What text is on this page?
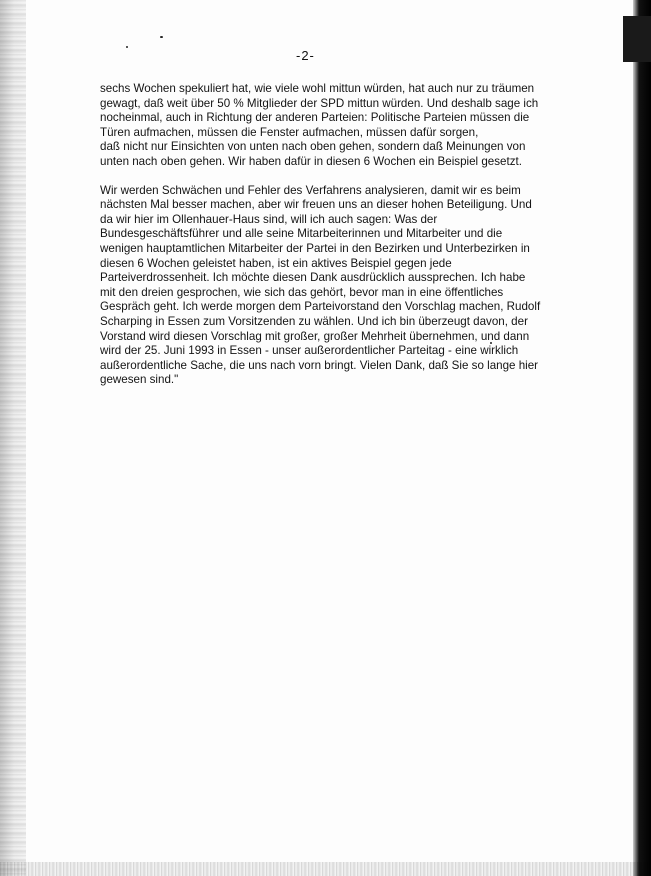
-2-
sechs Wochen spekuliert hat, wie viele wohl mittun würden, hat auch nur zu träumen
gewagt, daß weit über 50 % Mitglieder der SPD mittun würden. Und deshalb sage ich
nocheinmal, auch in Richtung der anderen Parteien: Politische Parteien müssen die
Türen aufmachen, müssen die Fenster aufmachen, müssen dafür sorgen,
daß nicht nur Einsichten von unten nach oben gehen, sondern daß Meinungen von
unten nach oben gehen. Wir haben dafür in diesen 6 Wochen ein Beispiel gesetzt.
Wir werden Schwächen und Fehler des Verfahrens analysieren, damit wir es beim
nächsten Mal besser machen, aber wir freuen uns an dieser hohen Beteiligung. Und
da wir hier im Ollenhauer-Haus sind, will ich auch sagen: Was der
Bundesgeschäftsführer und alle seine Mitarbeiterinnen und Mitarbeiter und die
wenigen hauptamtlichen Mitarbeiter der Partei in den Bezirken und Unterbezirken in
diesen 6 Wochen geleistet haben, ist ein aktives Beispiel gegen jede
Parteiverdrossenheit. Ich möchte diesen Dank ausdrücklich aussprechen. Ich habe
mit den dreien gesprochen, wie sich das gehört, bevor man in eine öffentliches
Gespräch geht. Ich werde morgen dem Parteivorstand den Vorschlag machen, Rudolf
Scharping in Essen zum Vorsitzenden zu wählen. Und ich bin überzeugt davon, der
Vorstand wird diesen Vorschlag mit großer, großer Mehrheit übernehmen, und dann
wird der 25. Juni 1993 in Essen - unser außerordentlicher Parteitag - eine wirklich
außerordentliche Sache, die uns nach vorn bringt. Vielen Dank, daß Sie so lange hier
gewesen sind."
